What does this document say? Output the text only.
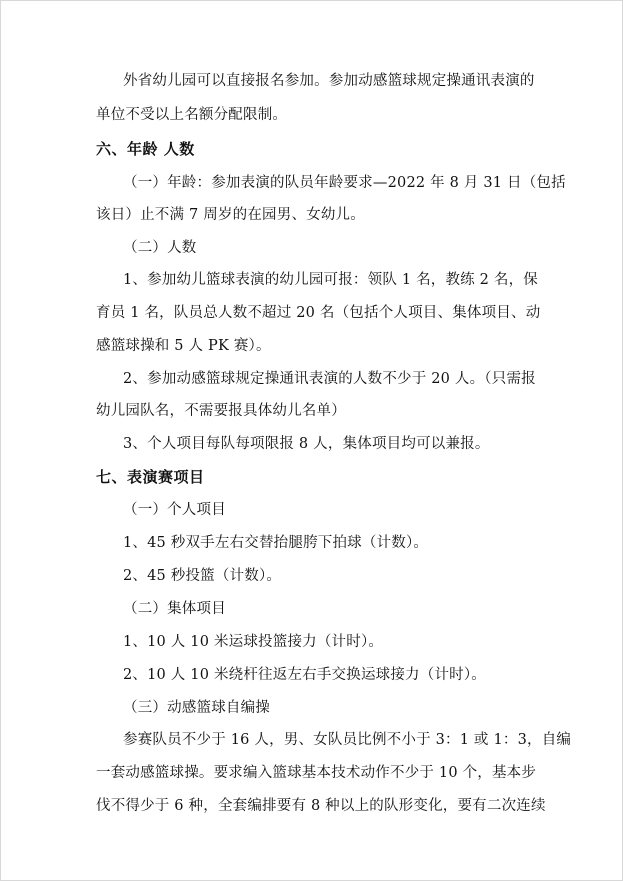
外省幼儿园可以直接报名参加。参加动感篮球规定操通讯表演的
单位不受以上名额分配限制。
六、年龄 人数
（一）年龄：参加表演的队员年龄要求—2022 年 8 月 31 日（包括
该日）止不满 7 周岁的在园男、女幼儿。
（二）人数
1、参加幼儿篮球表演的幼儿园可报：领队 1 名，教练 2 名，保
育员 1 名，队员总人数不超过 20 名（包括个人项目、集体项目、动
感篮球操和 5 人 PK 赛）。
2、参加动感篮球规定操通讯表演的人数不少于 20 人。（只需报
幼儿园队名，不需要报具体幼儿名单）
3、个人项目每队每项限报 8 人，集体项目均可以兼报。
七、表演赛项目
（一）个人项目
1、45 秒双手左右交替抬腿胯下拍球（计数）。
2、45 秒投篮（计数）。
（二）集体项目
1、10 人 10 米运球投篮接力（计时）。
2、10 人 10 米绕杆往返左右手交换运球接力（计时）。
（三）动感篮球自编操
参赛队员不少于 16 人，男、女队员比例不小于 3：1 或 1：3，自编
一套动感篮球操。要求编入篮球基本技术动作不少于 10 个，基本步
伐不得少于 6 种，全套编排要有 8 种以上的队形变化，要有二次连续
